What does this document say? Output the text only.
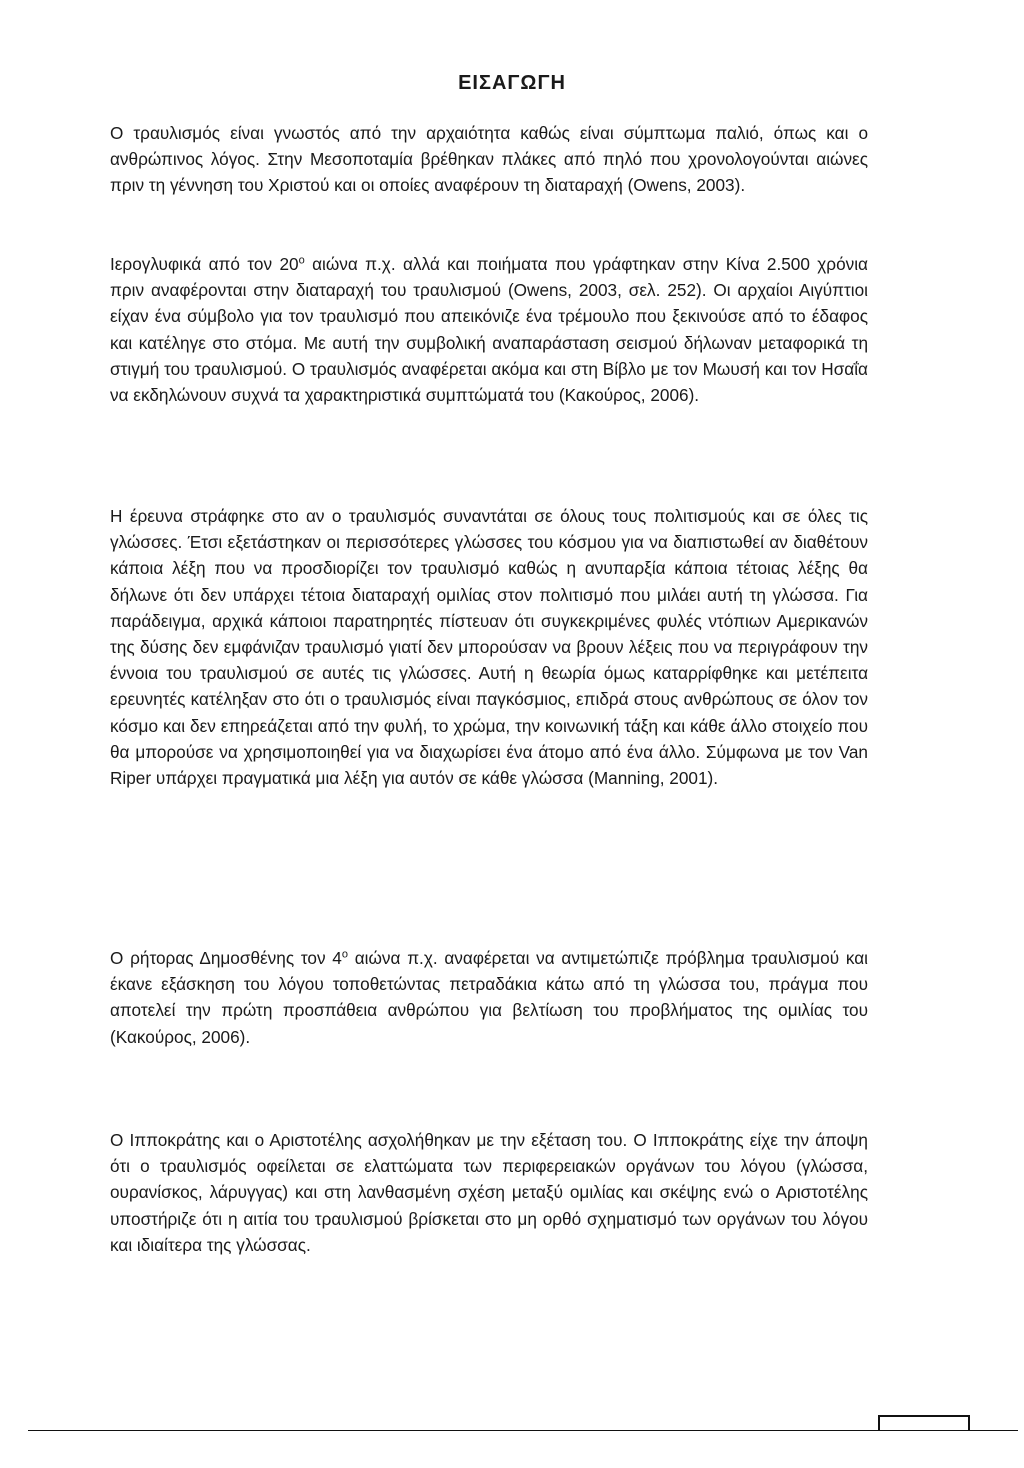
ΕΙΣΑΓΩΓΗ

Ο τραυλισμός είναι γνωστός από την αρχαιότητα καθώς είναι σύμπτωμα παλιό, όπως και ο ανθρώπινος λόγος. Στην Μεσοποταμία βρέθηκαν πλάκες από πηλό που χρονολογούνται αιώνες πριν τη γέννηση του Χριστού και οι οποίες αναφέρουν τη διαταραχή (Owens, 2003).

Ιερογλυφικά από τον $20^o$ αιώνα π.χ. αλλά και ποιήματα που γράφτηκαν στην Κίνα 2.500 χρόνια πριν αναφέρονται στην διαταραχή του τραυλισμού (Owens, 2003, σελ. 252). Οι αρχαίοι Αιγύπτιοι είχαν ένα σύμβολο για τον τραυλισμό που απεικόνιζε ένα τρέμουλο που ξεκινούσε από το έδαφος και κατέληγε στο στόμα. Με αυτή την συμβολική αναπαράσταση σεισμού δήλωναν μεταφορικά τη στιγμή του τραυλισμού. Ο τραυλισμός αναφέρεται ακόμα και στη Βίβλο με τον Μωυσή και τον Ησαΐα να εκδηλώνουν συχνά τα χαρακτηριστικά συμπτώματά του (Κακούρος, 2006).

Η έρευνα στράφηκε στο αν ο τραυλισμός συναντάται σε όλους τους πολιτισμούς και σε όλες τις γλώσσες. Έτσι εξετάστηκαν οι περισσότερες γλώσσες του κόσμου για να διαπιστωθεί αν διαθέτουν κάποια λέξη που να προσδιορίζει τον τραυλισμό καθώς η ανυπαρξία κάποια τέτοιας λέξης θα δήλωνε ότι δεν υπάρχει τέτοια διαταραχή ομιλίας στον πολιτισμό που μιλάει αυτή τη γλώσσα. Για παράδειγμα, αρχικά κάποιοι παρατηρητές πίστευαν ότι συγκεκριμένες φυλές ντόπιων Αμερικανών της δύσης δεν εμφάνιζαν τραυλισμό γιατί δεν μπορούσαν να βρουν λέξεις που να περιγράφουν την έννοια του τραυλισμού σε αυτές τις γλώσσες. Αυτή η θεωρία όμως καταρρίφθηκε και μετέπειτα ερευνητές κατέληξαν στο ότι ο τραυλισμός είναι παγκόσμιος, επιδρά στους ανθρώπους σε όλον τον κόσμο και δεν επηρεάζεται από την φυλή, το χρώμα, την κοινωνική τάξη και κάθε άλλο στοιχείο που θα μπορούσε να χρησιμοποιηθεί για να διαχωρίσει ένα άτομο από ένα άλλο. Σύμφωνα με τον Van Riper υπάρχει πραγματικά μια λέξη για αυτόν σε κάθε γλώσσα (Manning, 2001).

Ο ρήτορας Δημοσθένης τον $4^o$ αιώνα π.χ. αναφέρεται να αντιμετώπιζε πρόβλημα τραυλισμού και έκανε εξάσκηση του λόγου τοποθετώντας πετραδάκια κάτω από τη γλώσσα του, πράγμα που αποτελεί την πρώτη προσπάθεια ανθρώπου για βελτίωση του προβλήματος της ομιλίας του (Κακούρος, 2006).

Ο Ιπποκράτης και ο Αριστοτέλης ασχολήθηκαν με την εξέταση του. Ο Ιπποκράτης είχε την άποψη ότι ο τραυλισμός οφείλεται σε ελαττώματα των περιφερειακών οργάνων του λόγου (γλώσσα, ουρανίσκος, λάρυγγας) και στη λανθασμένη σχέση μεταξύ ομιλίας και σκέψης ενώ ο Αριστοτέλης υποστήριζε ότι η αιτία του τραυλισμού βρίσκεται στο μη ορθό σχηματισμό των οργάνων του λόγου και ιδιαίτερα της γλώσσας.
